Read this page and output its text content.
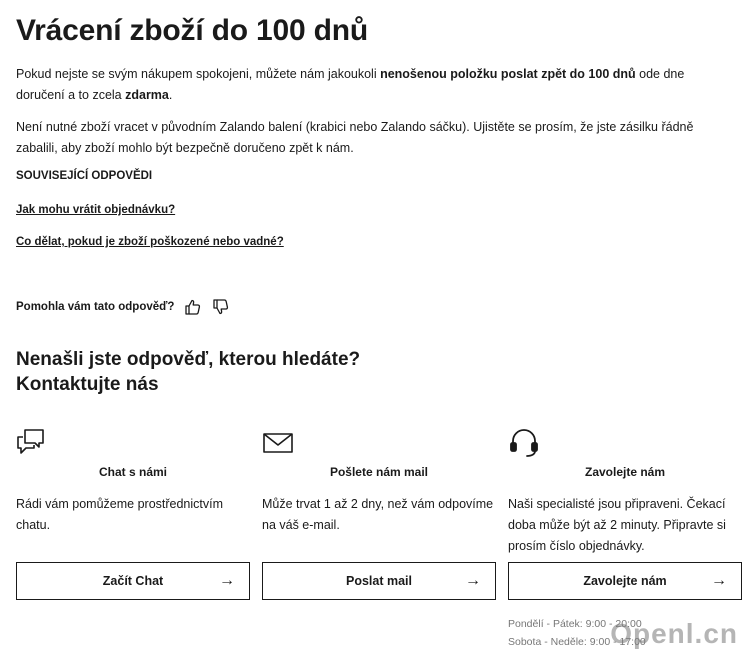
Vrácení zboží do 100 dnů
Pokud nejste se svým nákupem spokojeni, můžete nám jakoukoli nenošenou položku poslat zpět do 100 dnů ode dne doručení a to zcela zdarma.
Není nutné zboží vracet v původním Zalando balení (krabici nebo Zalando sáčku). Ujistěte se prosím, že jste zásilku řádně zabalili, aby zboží mohlo být bezpečně doručeno zpět k nám.
SOUVISEJÍCÍ ODPOVĚDI
Jak mohu vrátit objednávku?
Co dělat, pokud je zboží poškozené nebo vadné?
Pomohla vám tato odpověď?
Nenašli jste odpověď, kterou hledáte?
Kontaktujte nás
Chat s námi
Rádi vám pomůžeme prostřednictvím chatu.
Začít Chat	→
Pošlete nám mail
Může trvat 1 až 2 dny, než vám odpovíme na váš e-mail.
Poslat mail	→
Zavolejte nám
Naši specialisté jsou připraveni. Čekací doba může být až 2 minuty. Připravte si prosím číslo objednávky.
Zavolejte nám	→
Pondělí - Pátek: 9:00 - 20:00
Sobota - Neděle: 9:00 - 17:00
Openl.cn
